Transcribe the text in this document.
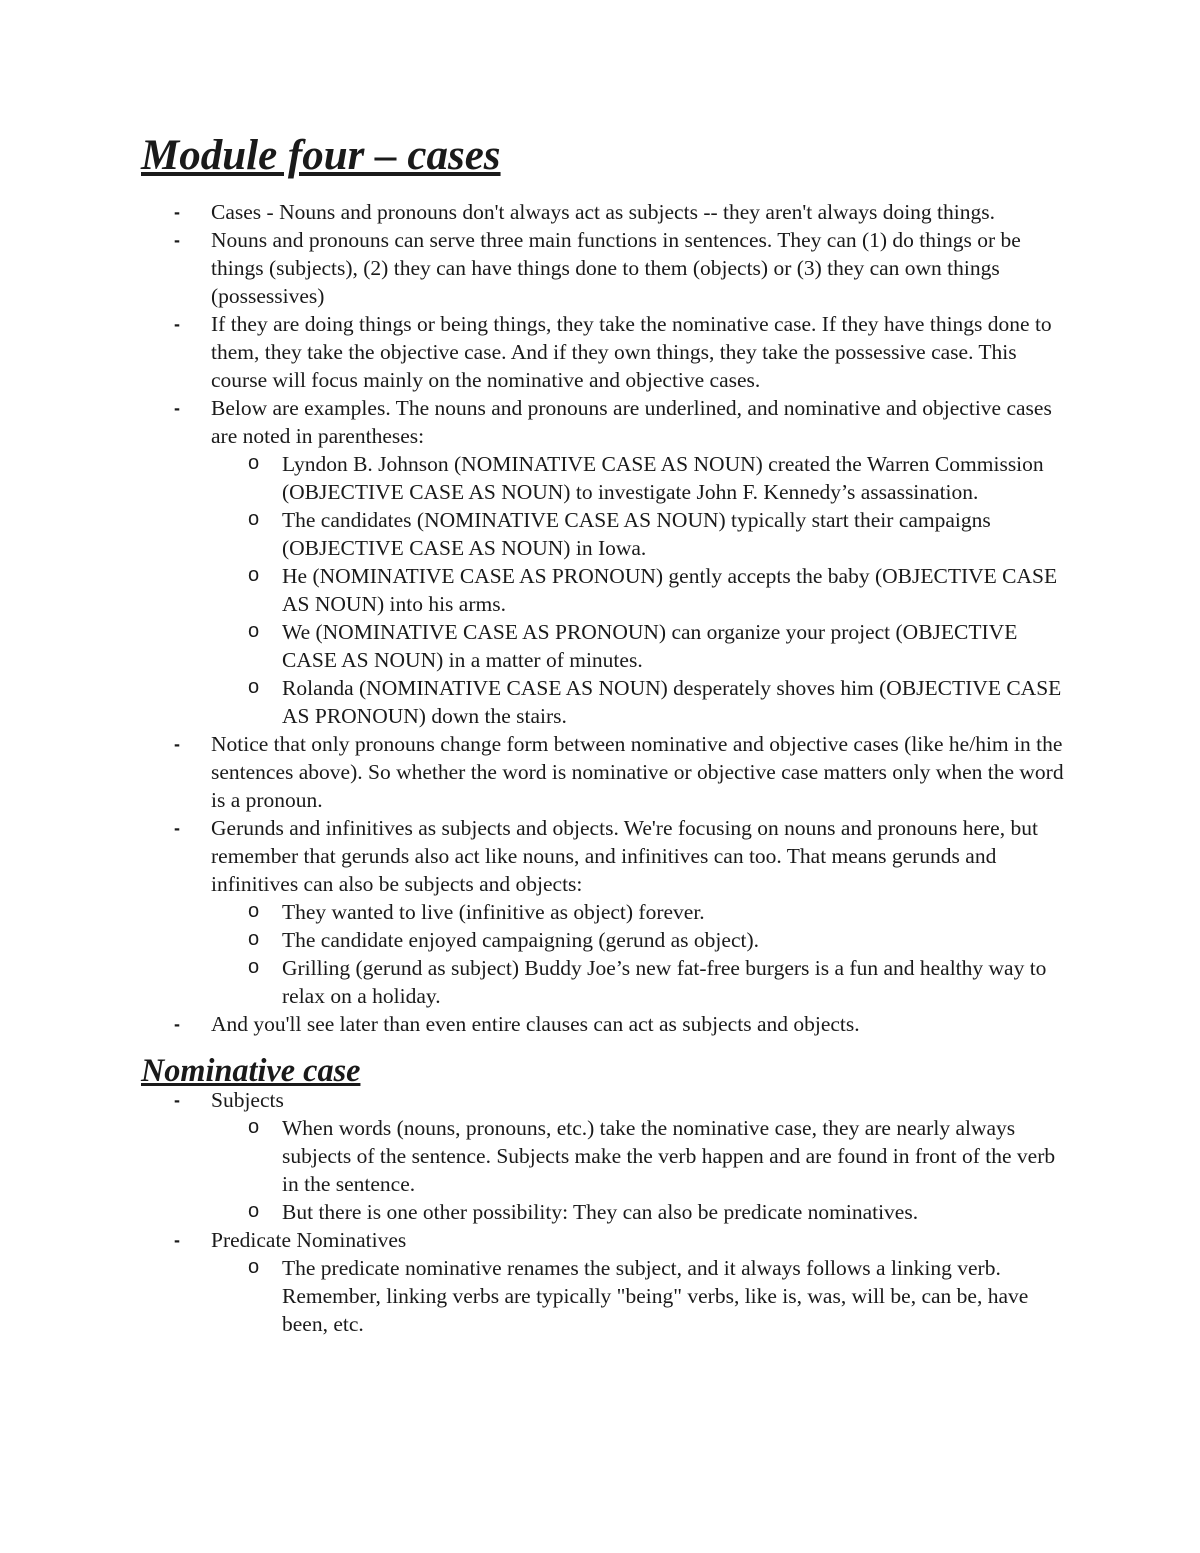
Module four – cases
- Cases - Nouns and pronouns don't always act as subjects -- they aren't always doing things.
- Nouns and pronouns can serve three main functions in sentences. They can (1) do things or be things (subjects), (2) they can have things done to them (objects) or (3) they can own things (possessives)
- If they are doing things or being things, they take the nominative case. If they have things done to them, they take the objective case. And if they own things, they take the possessive case. This course will focus mainly on the nominative and objective cases.
- Below are examples. The nouns and pronouns are underlined, and nominative and objective cases are noted in parentheses:
o Lyndon B. Johnson (NOMINATIVE CASE AS NOUN) created the Warren Commission (OBJECTIVE CASE AS NOUN) to investigate John F. Kennedy’s assassination.
o The candidates (NOMINATIVE CASE AS NOUN) typically start their campaigns (OBJECTIVE CASE AS NOUN) in Iowa.
o He (NOMINATIVE CASE AS PRONOUN) gently accepts the baby (OBJECTIVE CASE AS NOUN) into his arms.
o We (NOMINATIVE CASE AS PRONOUN) can organize your project (OBJECTIVE CASE AS NOUN) in a matter of minutes.
o Rolanda (NOMINATIVE CASE AS NOUN) desperately shoves him (OBJECTIVE CASE AS PRONOUN) down the stairs.
- Notice that only pronouns change form between nominative and objective cases (like he/him in the sentences above). So whether the word is nominative or objective case matters only when the word is a pronoun.
- Gerunds and infinitives as subjects and objects. We're focusing on nouns and pronouns here, but remember that gerunds also act like nouns, and infinitives can too. That means gerunds and infinitives can also be subjects and objects:
o They wanted to live (infinitive as object) forever.
o The candidate enjoyed campaigning (gerund as object).
o Grilling (gerund as subject) Buddy Joe’s new fat-free burgers is a fun and healthy way to relax on a holiday.
- And you'll see later than even entire clauses can act as subjects and objects.
Nominative case
- Subjects
o When words (nouns, pronouns, etc.) take the nominative case, they are nearly always subjects of the sentence. Subjects make the verb happen and are found in front of the verb in the sentence.
o But there is one other possibility: They can also be predicate nominatives.
- Predicate Nominatives
o The predicate nominative renames the subject, and it always follows a linking verb. Remember, linking verbs are typically "being" verbs, like is, was, will be, can be, have been, etc.
